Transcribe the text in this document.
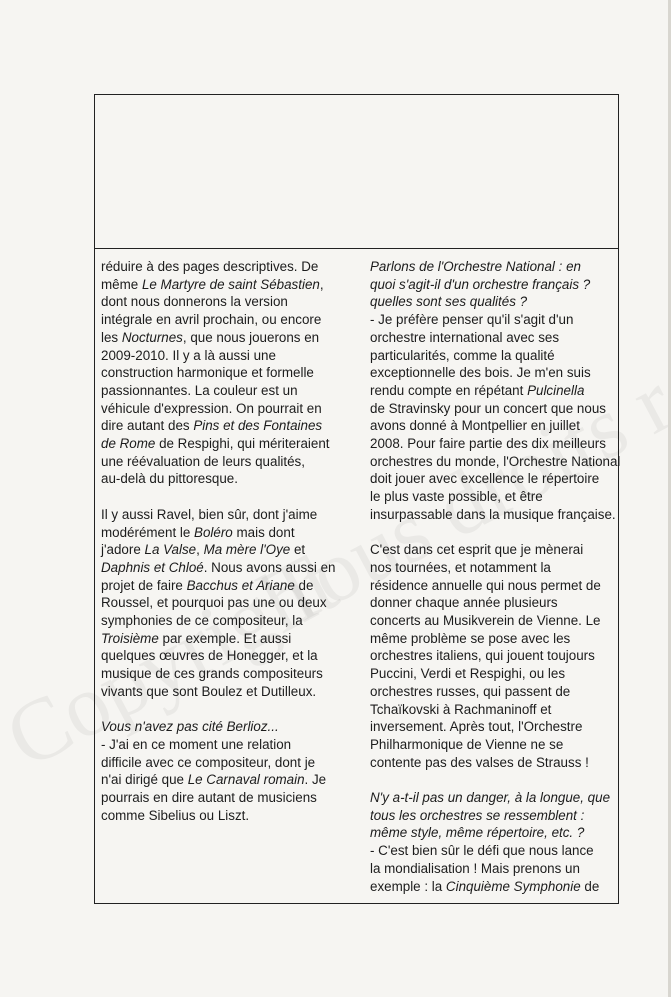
réduire à des pages descriptives. De
même Le Martyre de saint Sébastien,
dont nous donnerons la version
intégrale en avril prochain, ou encore
les Nocturnes, que nous jouerons en
2009-2010. Il y a là aussi une
construction harmonique et formelle
passionnantes. La couleur est un
véhicule d'expression. On pourrait en
dire autant des Pins et des Fontaines
de Rome de Respighi, qui mériteraient
une réévaluation de leurs qualités,
au-delà du pittoresque.
Il y aussi Ravel, bien sûr, dont j'aime
modérément le Boléro mais dont
j'adore La Valse, Ma mère l'Oye et
Daphnis et Chloé. Nous avons aussi en
projet de faire Bacchus et Ariane de
Roussel, et pourquoi pas une ou deux
symphonies de ce compositeur, la
Troisième par exemple. Et aussi
quelques œuvres de Honegger, et la
musique de ces grands compositeurs
vivants que sont Boulez et Dutilleux.
Vous n'avez pas cité Berlioz...
- J'ai en ce moment une relation
difficile avec ce compositeur, dont je
n'ai dirigé que Le Carnaval romain. Je
pourrais en dire autant de musiciens
comme Sibelius ou Liszt.
Parlons de l'Orchestre National : en
quoi s'agit-il d'un orchestre français ?
quelles sont ses qualités ?
- Je préfère penser qu'il s'agit d'un
orchestre international avec ses
particularités, comme la qualité
exceptionnelle des bois. Je m'en suis
rendu compte en répétant Pulcinella
de Stravinsky pour un concert que nous
avons donné à Montpellier en juillet
2008. Pour faire partie des dix meilleurs
orchestres du monde, l'Orchestre National
doit jouer avec excellence le répertoire
le plus vaste possible, et être
insurpassable dans la musique française.
C'est dans cet esprit que je mènerai
nos tournées, et notamment la
résidence annuelle qui nous permet de
donner chaque année plusieurs
concerts au Musikverein de Vienne. Le
même problème se pose avec les
orchestres italiens, qui jouent toujours
Puccini, Verdi et Respighi, ou les
orchestres russes, qui passent de
Tchaïkovski à Rachmaninoff et
inversement. Après tout, l'Orchestre
Philharmonique de Vienne ne se
contente pas des valses de Strauss !
N'y a-t-il pas un danger, à la longue, que
tous les orchestres se ressemblent :
même style, même répertoire, etc. ?
- C'est bien sûr le défi que nous lance
la mondialisation ! Mais prenons un
exemple : la Cinquième Symphonie de
